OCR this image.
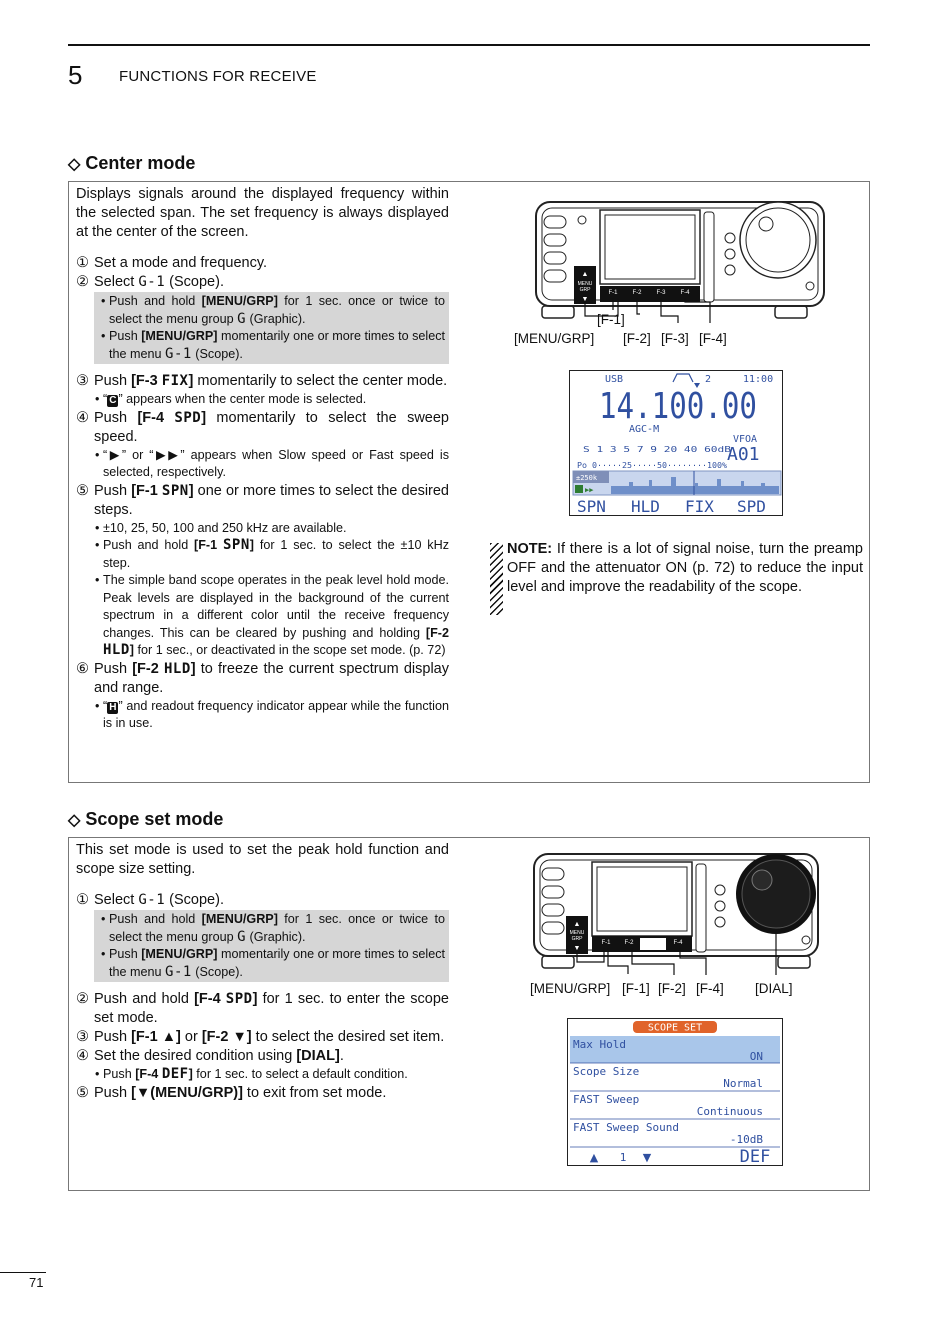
5 FUNCTIONS FOR RECEIVE
◇ Center mode
Displays signals around the displayed frequency within the selected span. The set frequency is always displayed at the center of the screen.
① Set a mode and frequency.
② Select G-1 (Scope).
• Push and hold [MENU/GRP] for 1 sec. once or twice to select the menu group G (Graphic).
• Push [MENU/GRP] momentarily one or more times to select the menu G-1 (Scope).
③ Push [F-3 FIX] momentarily to select the center mode.
• “ C ” appears when the center mode is selected.
④ Push [F-4 SPD] momentarily to select the sweep speed.
• “▶” or “▶▶” appears when Slow speed or Fast speed is selected, respectively.
⑤ Push [F-1 SPN] one or more times to select the desired steps.
• ±10, 25, 50, 100 and 250 kHz are available.
• Push and hold [F-1 SPN] for 1 sec. to select the ±10 kHz step.
• The simple band scope operates in the peak level hold mode. Peak levels are displayed in the background of the current spectrum in a different color until the receive frequency changes. This can be cleared by pushing and holding [F-2 HLD] for 1 sec., or deactivated in the scope set mode. (p. 72)
⑥ Push [F-2 HLD] to freeze the current spectrum display and range.
• “ H ” and readout frequency indicator appear while the function is in use.
▲
MENU
GRP
▼
F-1	F-2	F-3	F-4
[F-1]
[MENU/GRP] [F-2] [F-3] [F-4]
USB	2	11:00
14.100.00
AGC-M
VFOA
A01
S 1 3 5 7 9 20 40 60dB
Po 0·····25·····50········100%
±250k
▶▶
SPN HLD FIX SPD
NOTE: If there is a lot of signal noise, turn the preamp OFF and the attenuator ON (p. 72) to reduce the input level and improve the readability of the scope.
◇ Scope set mode
This set mode is used to set the peak hold function and scope size setting.
① Select G-1 (Scope).
• Push and hold [MENU/GRP] for 1 sec. once or twice to select the menu group G (Graphic).
• Push [MENU/GRP] momentarily one or more times to select the menu G-1 (Scope).
② Push and hold [F-4 SPD] for 1 sec. to enter the scope set mode.
③ Push [F-1 ▲] or [F-2 ▼] to select the desired set item.
④ Set the desired condition using [DIAL].
• Push [F-4 DEF] for 1 sec. to select a default condition.
⑤ Push [▼(MENU/GRP)] to exit from set mode.
▲
MENU
GRP
▼
F-1 F-2	F-4
[MENU/GRP] [F-1] [F-2] [F-4] [DIAL]
SCOPE SET
Max Hold
ON
Scope Size
Normal
FAST Sweep
Continuous
FAST Sweep Sound
-10dB
▲ 1 ▼	DEF
71
